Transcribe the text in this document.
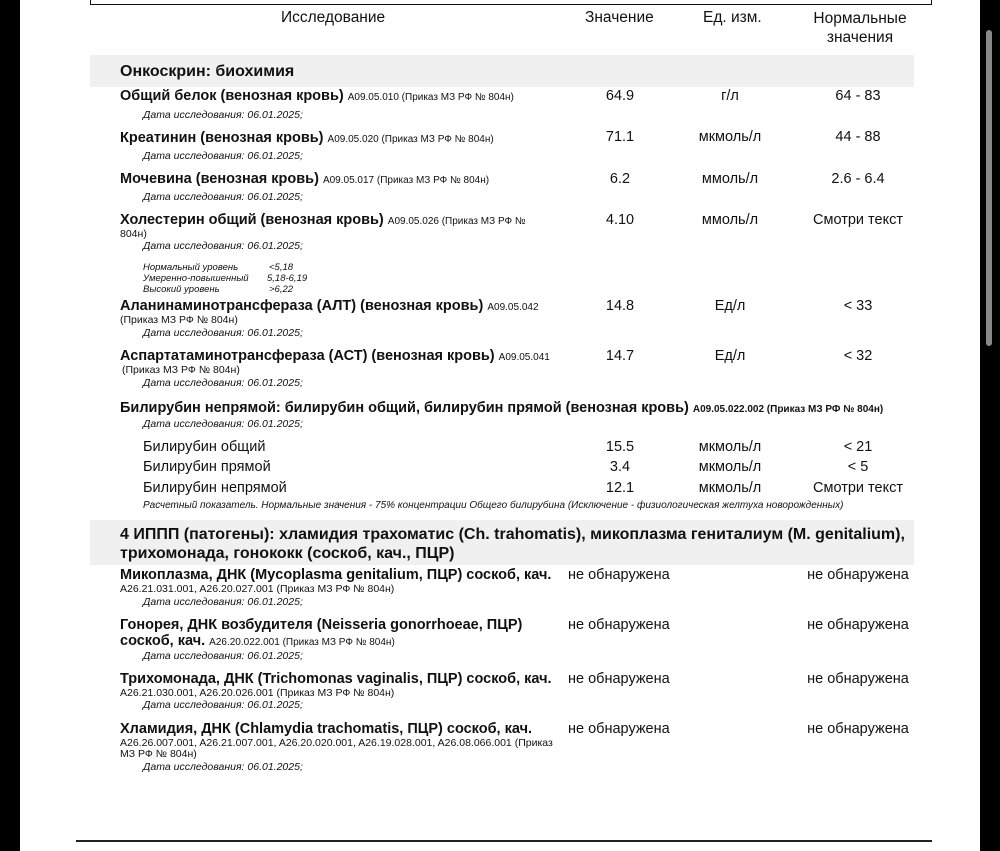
Исследование	Значение	Ед. изм.	Нормальные
значения
Онкоскрин: биохимия
Общий белок (венозная кровь) A09.05.010 (Приказ МЗ РФ № 804н)
Дата исследования: 06.01.2025;
64.9	г/л	64 - 83
Креатинин (венозная кровь) A09.05.020 (Приказ МЗ РФ № 804н)
Дата исследования: 06.01.2025;
71.1	мкмоль/л	44 - 88
Мочевина (венозная кровь) A09.05.017 (Приказ МЗ РФ № 804н)
Дата исследования: 06.01.2025;
6.2	ммоль/л	2.6 - 6.4
Холестерин общий (венозная кровь) A09.05.026 (Приказ МЗ РФ №
804н)
Дата исследования: 06.01.2025;
4.10	ммоль/л	Смотри текст
Нормальный уровень	<5,18
Умеренно-повышенный 5,18-6,19
Высокий уровень	>6,22
Аланинаминотрансфераза (АЛТ) (венозная кровь) A09.05.042
(Приказ МЗ РФ № 804н)
Дата исследования: 06.01.2025;
14.8	Ед/л	< 33
Аспартатаминотрансфераза (АСТ) (венозная кровь) A09.05.041
(Приказ МЗ РФ № 804н)
Дата исследования: 06.01.2025;
14.7	Ед/л	< 32
Билирубин непрямой: билирубин общий, билирубин прямой (венозная кровь) A09.05.022.002 (Приказ МЗ РФ № 804н)
Дата исследования: 06.01.2025;
Билирубин общий	15.5	мкмоль/л	< 21
Билирубин прямой	3.4	мкмоль/л	< 5
Билирубин непрямой	12.1	мкмоль/л	Смотри текст
Расчетный показатель. Нормальные значения - 75% концентрации Общего билирубина (Исключение - физиологическая желтуха новорожденных)
4 ИППП (патогены): хламидия трахоматис (Ch. trahomatis), микоплазма гениталиум (M. genitalium),
трихомонада, гонококк (соскоб, кач., ПЦР)
Микоплазма, ДНК (Mycoplasma genitalium, ПЦР) соскоб, кач.
A26.21.031.001, A26.20.027.001 (Приказ МЗ РФ № 804н)
Дата исследования: 06.01.2025;
не обнаружена	не обнаружена
Гонорея, ДНК возбудителя (Neisseria gonorrhoeae, ПЦР)
соскоб, кач. A26.20.022.001 (Приказ МЗ РФ № 804н)
Дата исследования: 06.01.2025;
не обнаружена	не обнаружена
Трихомонада, ДНК (Trichomonas vaginalis, ПЦР) соскоб, кач.
A26.21.030.001, A26.20.026.001 (Приказ МЗ РФ № 804н)
Дата исследования: 06.01.2025;
не обнаружена	не обнаружена
Хламидия, ДНК (Chlamydia trachomatis, ПЦР) соскоб, кач.
A26.26.007.001, A26.21.007.001, A26.20.020.001, A26.19.028.001, A26.08.066.001 (Приказ
МЗ РФ № 804н)
Дата исследования: 06.01.2025;
не обнаружена	не обнаружена
